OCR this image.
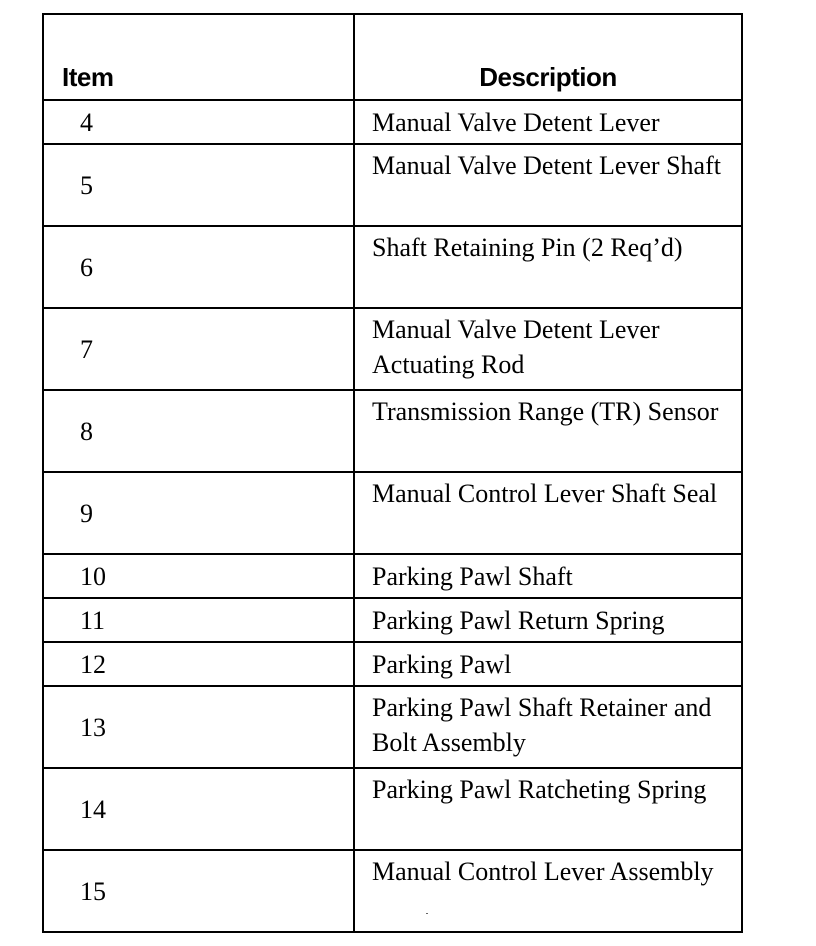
Item	Description
4	Manual Valve Detent Lever
5	Manual Valve Detent Lever Shaft
6	Shaft Retaining Pin (2 Req’d)
7	Manual Valve Detent Lever Actuating Rod
8	Transmission Range (TR) Sensor
9	Manual Control Lever Shaft Seal
10	Parking Pawl Shaft
11	Parking Pawl Return Spring
12	Parking Pawl
13	Parking Pawl Shaft Retainer and Bolt Assembly
14	Parking Pawl Ratcheting Spring
15	Manual Control Lever Assembly
